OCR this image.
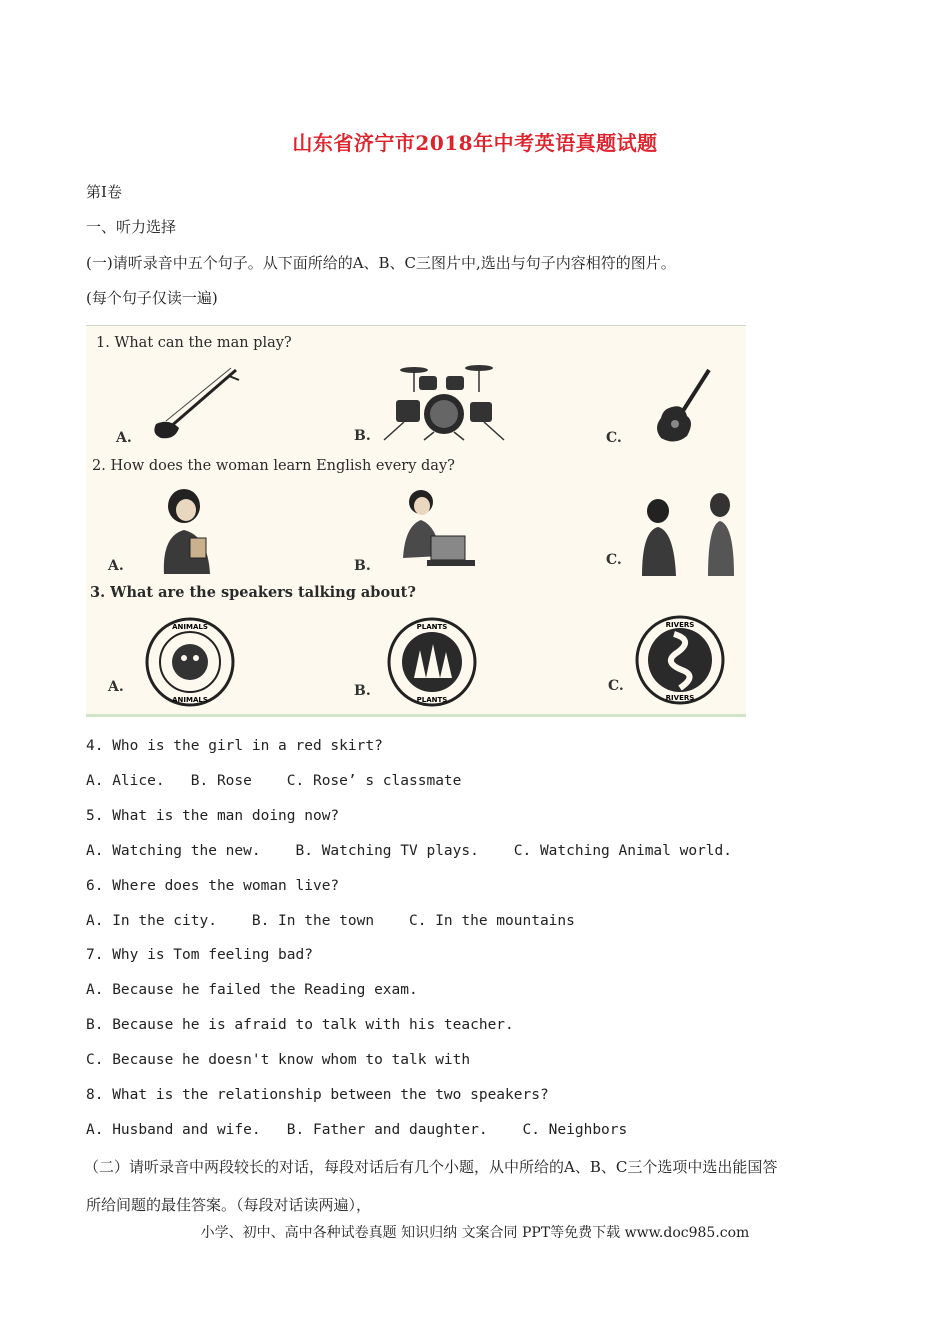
山东省济宁市2018年中考英语真题试题
第Ⅰ卷
一、听力选择
(一)请听录音中五个句子。从下面所给的A、B、C三图片中,选出与句子内容相符的图片。
(每个句子仅读一遍)
1. What can the man play?
2. How does the woman learn English every day?
3. What are the speakers talking about?
A.	B.	C.
A.	B.	C.
A.
ANIMALS
ANIMALS
B.
PLANTS
PLANTS
C.
RIVERS
RIVERS
4. Who is the girl in a red skirt?
A. Alice.   B. Rose    C. Rose’ s classmate
5. What is the man doing now?
A. Watching the new.    B. Watching TV plays.    C. Watching Animal world.
6. Where does the woman live?
A. In the city.    B. In the town    C. In the mountains
7. Why is Tom feeling bad?
A. Because he failed the Reading exam.
B. Because he is afraid to talk with his teacher.
C. Because he doesn't know whom to talk with
8. What is the relationship between the two speakers?
A. Husband and wife.   B. Father and daughter.    C. Neighbors
（二）请听录音中两段较长的对话，每段对话后有几个小题，从中所给的A、B、C三个选项中选出能国答
所给间题的最佳答案。（每段对话读两遍），
小学、初中、高中各种试卷真题 知识归纳 文案合同 PPT等免费下载 www.doc985.com
